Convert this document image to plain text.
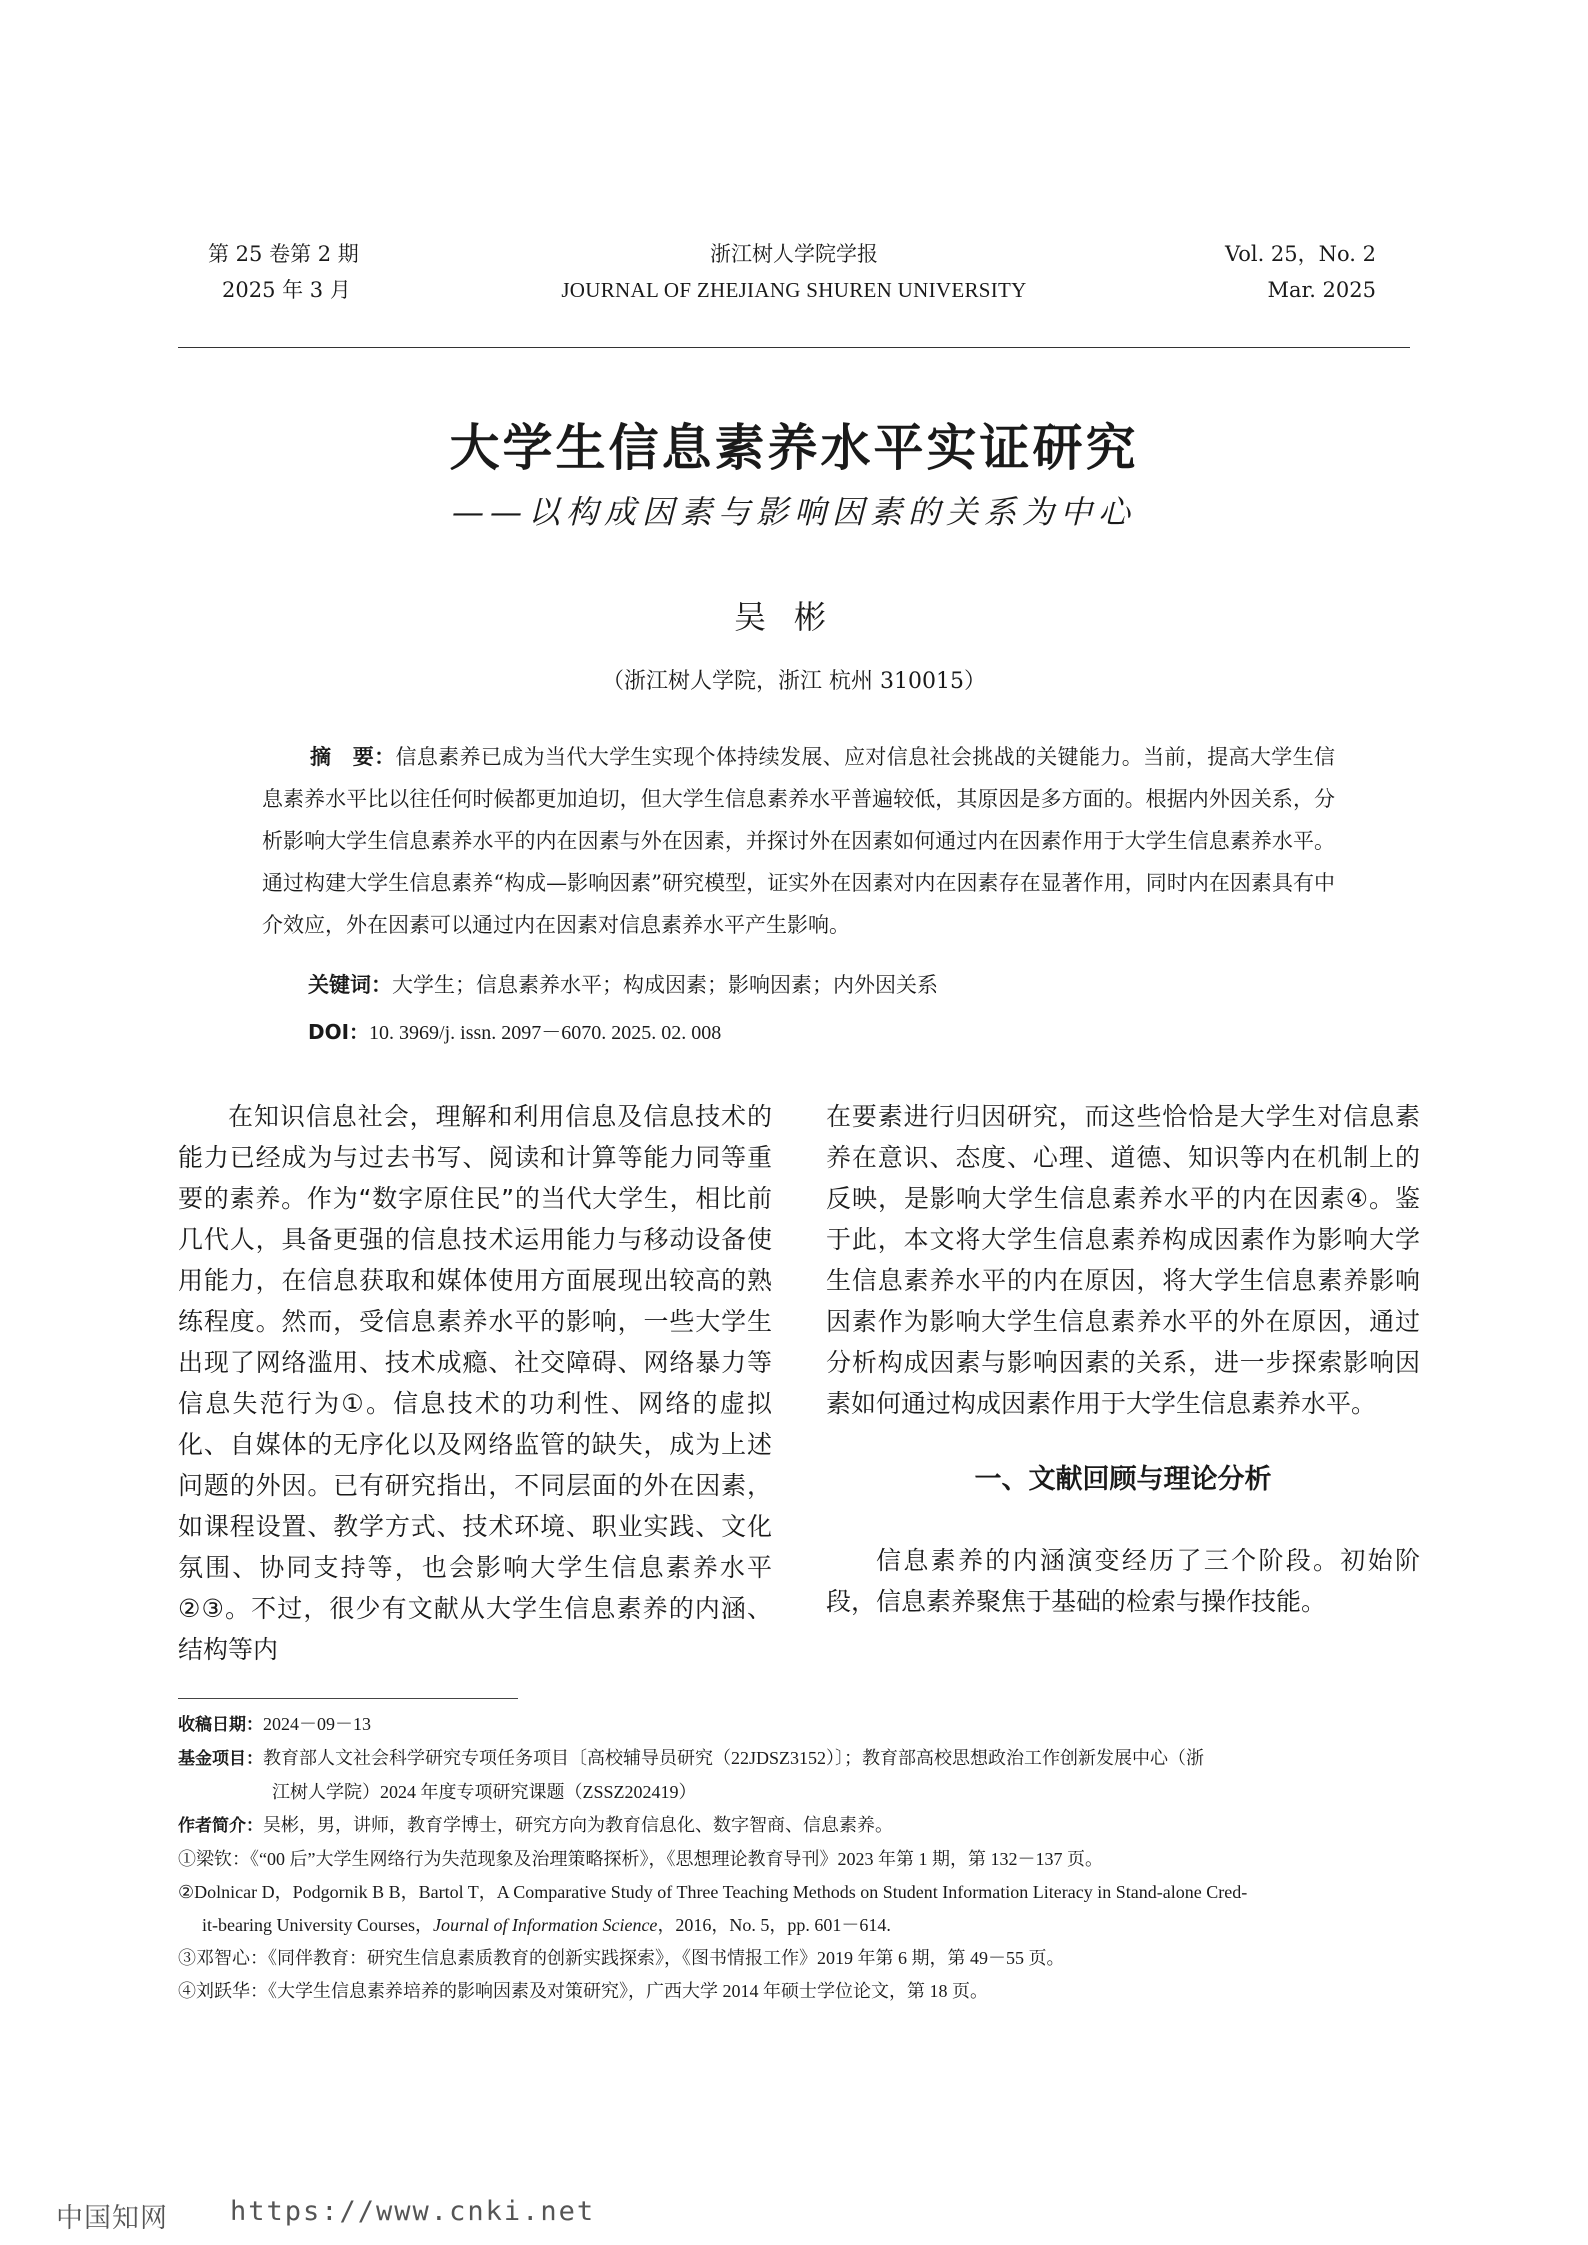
第 25 卷第 2 期
2025 年 3 月
浙江树人学院学报
JOURNAL OF ZHEJIANG SHUREN UNIVERSITY
Vol. 25，No. 2
Mar. 2025
大学生信息素养水平实证研究
——以构成因素与影响因素的关系为中心
吴彬
（浙江树人学院，浙江 杭州 310015）
摘　要：信息素养已成为当代大学生实现个体持续发展、应对信息社会挑战的关键能力。当前，提高大学生信息素养水平比以往任何时候都更加迫切，但大学生信息素养水平普遍较低，其原因是多方面的。根据内外因关系，分析影响大学生信息素养水平的内在因素与外在因素，并探讨外在因素如何通过内在因素作用于大学生信息素养水平。通过构建大学生信息素养“构成—影响因素”研究模型，证实外在因素对内在因素存在显著作用，同时内在因素具有中介效应，外在因素可以通过内在因素对信息素养水平产生影响。
关键词：大学生；信息素养水平；构成因素；影响因素；内外因关系
DOI：10. 3969/j. issn. 2097－6070. 2025. 02. 008

在知识信息社会，理解和利用信息及信息技术的能力已经成为与过去书写、阅读和计算等能力同等重要的素养。作为“数字原住民”的当代大学生，相比前几代人，具备更强的信息技术运用能力与移动设备使用能力，在信息获取和媒体使用方面展现出较高的熟练程度。然而，受信息素养水平的影响，一些大学生出现了网络滥用、技术成瘾、社交障碍、网络暴力等信息失范行为①。信息技术的功利性、网络的虚拟化、自媒体的无序化以及网络监管的缺失，成为上述问题的外因。已有研究指出，不同层面的外在因素，如课程设置、教学方式、技术环境、职业实践、文化氛围、协同支持等，也会影响大学生信息素养水平②③。不过，很少有文献从大学生信息素养的内涵、结构等内

在要素进行归因研究，而这些恰恰是大学生对信息素养在意识、态度、心理、道德、知识等内在机制上的反映，是影响大学生信息素养水平的内在因素④。鉴于此，本文将大学生信息素养构成因素作为影响大学生信息素养水平的内在原因，将大学生信息素养影响因素作为影响大学生信息素养水平的外在原因，通过分析构成因素与影响因素的关系，进一步探索影响因素如何通过构成因素作用于大学生信息素养水平。

一、文献回顾与理论分析

信息素养的内涵演变经历了三个阶段。初始阶段，信息素养聚焦于基础的检索与操作技能。

收稿日期：2024－09－13
基金项目：教育部人文社会科学研究专项任务项目〔高校辅导员研究（22JDSZ3152）〕；教育部高校思想政治工作创新发展中心（浙
江树人学院）2024 年度专项研究课题（ZSSZ202419）
作者简介：吴彬，男，讲师，教育学博士，研究方向为教育信息化、数字智商、信息素养。
①梁钦：《“00 后”大学生网络行为失范现象及治理策略探析》，《思想理论教育导刊》2023 年第 1 期，第 132－137 页。
②Dolnicar D，Podgornik B B，Bartol T，A Comparative Study of Three Teaching Methods on Student Information Literacy in Stand-alone Cred-
it-bearing University Courses，Journal of Information Science，2016，No. 5，pp. 601－614.
③邓智心：《同伴教育：研究生信息素质教育的创新实践探索》，《图书情报工作》2019 年第 6 期，第 49－55 页。
④刘跃华：《大学生信息素养培养的影响因素及对策研究》，广西大学 2014 年硕士学位论文，第 18 页。
中国知网 https://www.cnki.net
